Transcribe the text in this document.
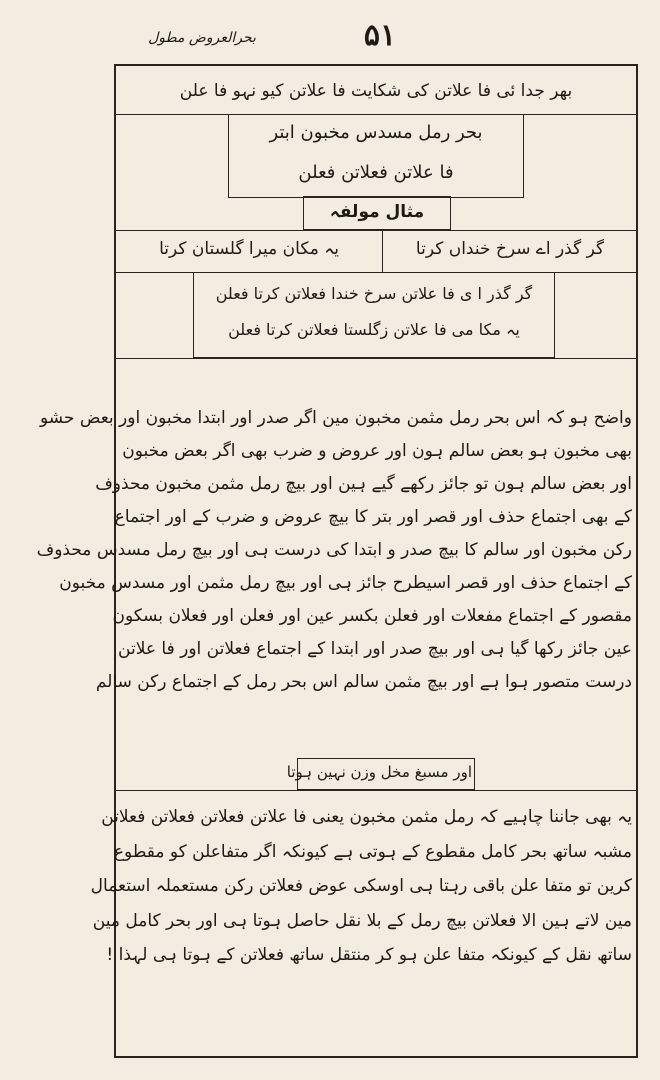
بحرالعروض مطول	۵۱
بھر جدا ئی فا علاتن کی شکایت فا علاتن کیو نہو فا علن
بحر رمل مسدس مخبون ابتر
فا علاتن فعلاتن فعلن
مثال مولفہ
گر گذر اے سرخ خنداں کرتا
یہ مکان میرا گلستان کرتا
گر گذر ا ی فا علاتن سرخ خندا فعلاتن کرتا فعلن
یہ مکا می فا علاتن زگلستا فعلاتن کرتا فعلن

واضح ہو کہ اس بحر رمل مثمن مخبون مین اگر صدر اور ابتدا مخبون اور بعض حشو

بھی مخبون ہو بعض سالم ہون اور عروض و ضرب بھی اگر بعض مخبون

اور بعض سالم ہون تو جائز رکھے گیے ہین اور بیچ رمل مثمن مخبون محذوف

کے بھی اجتماع حذف اور قصر اور بتر کا بیچ عروض و ضرب کے اور اجتماع

رکن مخبون اور سالم کا بیچ صدر و ابتدا کی درست ہی اور بیچ رمل مسدس محذوف

کے اجتماع حذف اور قصر اسیطرح جائز ہی اور بیچ رمل مثمن اور مسدس مخبون

مقصور کے اجتماع مفعلات اور فعلن بکسر عین اور فعلن اور فعلان بسکون

عین جائز رکھا گیا ہی اور بیچ صدر اور ابتدا کے اجتماع فعلاتن اور فا علاتن

درست متصور ہوا ہے اور بیچ مثمن سالم اس بحر رمل کے اجتماع رکن سالم

اور مسبغ مخل وزن نہین ہوتا

یہ بھی جاننا چاہیے کہ رمل مثمن مخبون یعنی فا علاتن فعلاتن فعلاتن فعلاتن

مشبہ ساتھ بحر کامل مقطوع کے ہوتی ہے کیونکہ اگر متفاعلن کو مقطوع

کرین تو متفا علن باقی رہتا ہی اوسکی عوض فعلاتن رکن مستعملہ استعمال

مین لاتے ہین الا فعلاتن بیچ رمل کے بلا نقل حاصل ہوتا ہی اور بحر کامل مین

ساتھ نقل کے کیونکہ متفا علن ہو کر منتقل ساتھ فعلاتن کے ہوتا ہی لہذا !
